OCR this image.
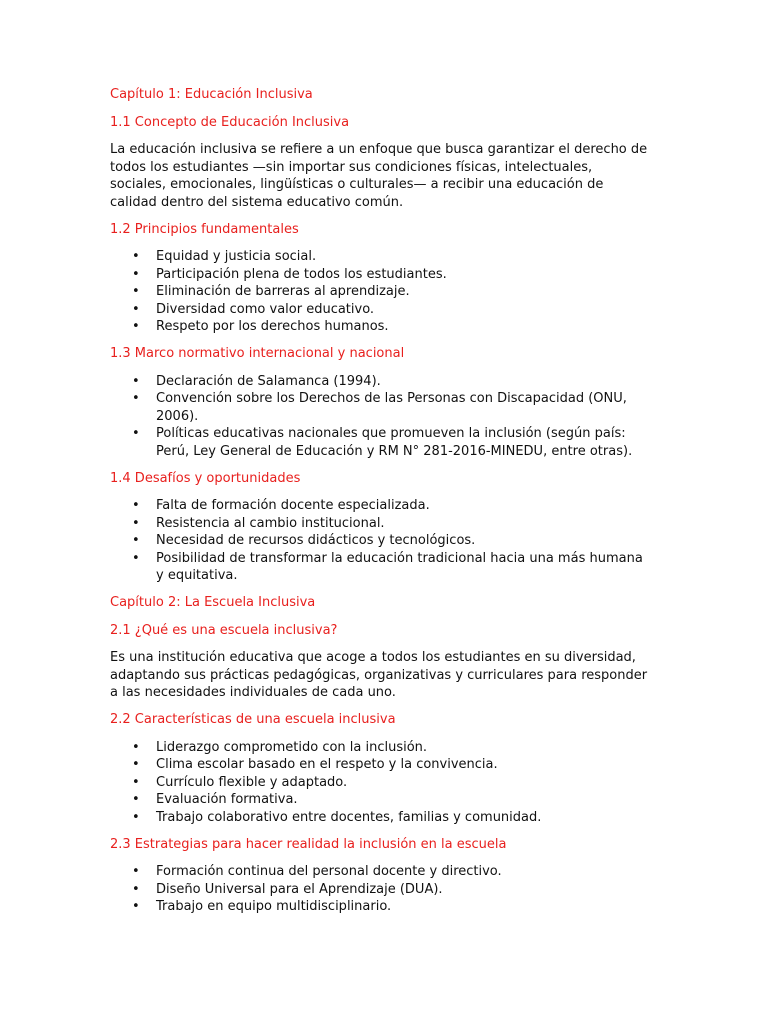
Capítulo 1: Educación Inclusiva

1.1 Concepto de Educación Inclusiva

La educación inclusiva se refiere a un enfoque que busca garantizar el derecho de todos los estudiantes —sin importar sus condiciones físicas, intelectuales, sociales, emocionales, lingüísticas o culturales— a recibir una educación de calidad dentro del sistema educativo común.

1.2 Principios fundamentales

• Equidad y justicia social.
• Participación plena de todos los estudiantes.
• Eliminación de barreras al aprendizaje.
• Diversidad como valor educativo.
• Respeto por los derechos humanos.

1.3 Marco normativo internacional y nacional

• Declaración de Salamanca (1994).
• Convención sobre los Derechos de las Personas con Discapacidad (ONU, 2006).
• Políticas educativas nacionales que promueven la inclusión (según país: Perú, Ley General de Educación y RM N° 281-2016-MINEDU, entre otras).

1.4 Desafíos y oportunidades

• Falta de formación docente especializada.
• Resistencia al cambio institucional.
• Necesidad de recursos didácticos y tecnológicos.
• Posibilidad de transformar la educación tradicional hacia una más humana y equitativa.

Capítulo 2: La Escuela Inclusiva

2.1 ¿Qué es una escuela inclusiva?

Es una institución educativa que acoge a todos los estudiantes en su diversidad, adaptando sus prácticas pedagógicas, organizativas y curriculares para responder a las necesidades individuales de cada uno.

2.2 Características de una escuela inclusiva

• Liderazgo comprometido con la inclusión.
• Clima escolar basado en el respeto y la convivencia.
• Currículo flexible y adaptado.
• Evaluación formativa.
• Trabajo colaborativo entre docentes, familias y comunidad.

2.3 Estrategias para hacer realidad la inclusión en la escuela

• Formación continua del personal docente y directivo.
• Diseño Universal para el Aprendizaje (DUA).
• Trabajo en equipo multidisciplinario.
